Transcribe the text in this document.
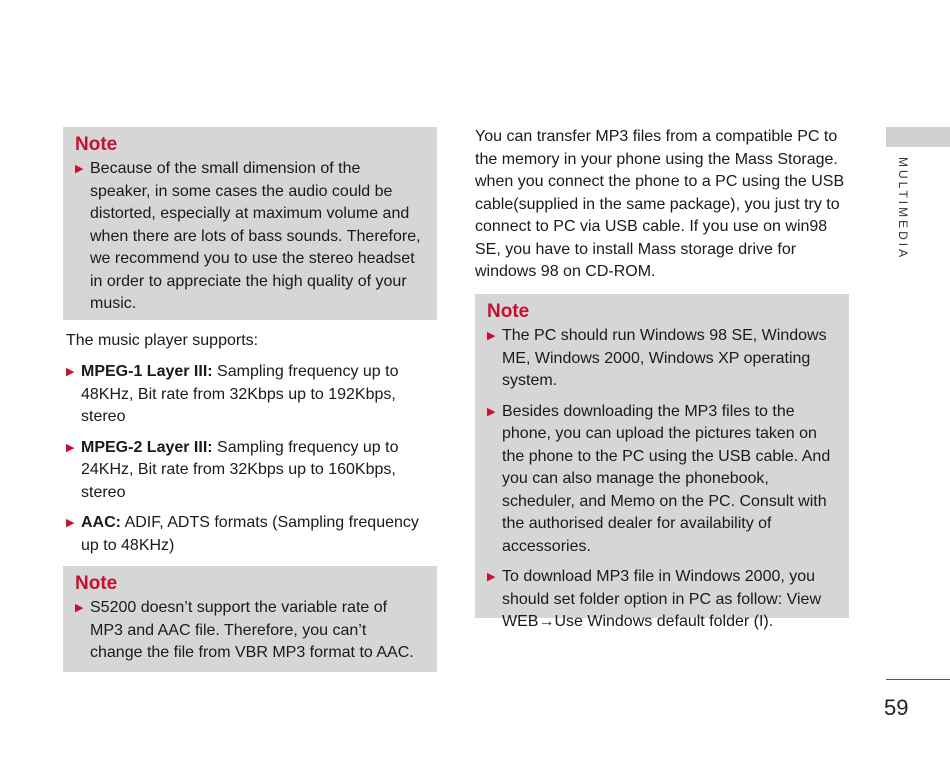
Note
▶ Because of the small dimension of the speaker, in some cases the audio could be distorted, especially at maximum volume and when there are lots of bass sounds. Therefore, we recommend you to use the stereo headset in order to appreciate the high quality of your music.
The music player supports:
▶ MPEG-1 Layer III: Sampling frequency up to 48KHz, Bit rate from 32Kbps up to 192Kbps, stereo
▶ MPEG-2 Layer III: Sampling frequency up to 24KHz, Bit rate from 32Kbps up to 160Kbps, stereo
▶ AAC: ADIF, ADTS formats (Sampling frequency up to 48KHz)
Note
▶ S5200 doesn’t support the variable rate of MP3 and AAC file. Therefore, you can’t change the file from VBR MP3 format to AAC.
You can transfer MP3 files from a compatible PC to the memory in your phone using the Mass Storage. when you connect the phone to a PC using the USB cable(supplied in the same package), you just try to connect to PC via USB cable. If you use on win98 SE, you have to install Mass storage drive for windows 98 on CD-ROM.
Note
▶ The PC should run Windows 98 SE, Windows ME, Windows 2000, Windows XP operating system.
▶ Besides downloading the MP3 files to the phone, you can upload the pictures taken on the phone to the PC using the USB cable. And you can also manage the phonebook, scheduler, and Memo on the PC. Consult with the authorised dealer for availability of accessories.
▶ To download MP3 file in Windows 2000, you should set folder option in PC as follow: View WEB→Use Windows default folder (I).
MULTIMEDIA
59
